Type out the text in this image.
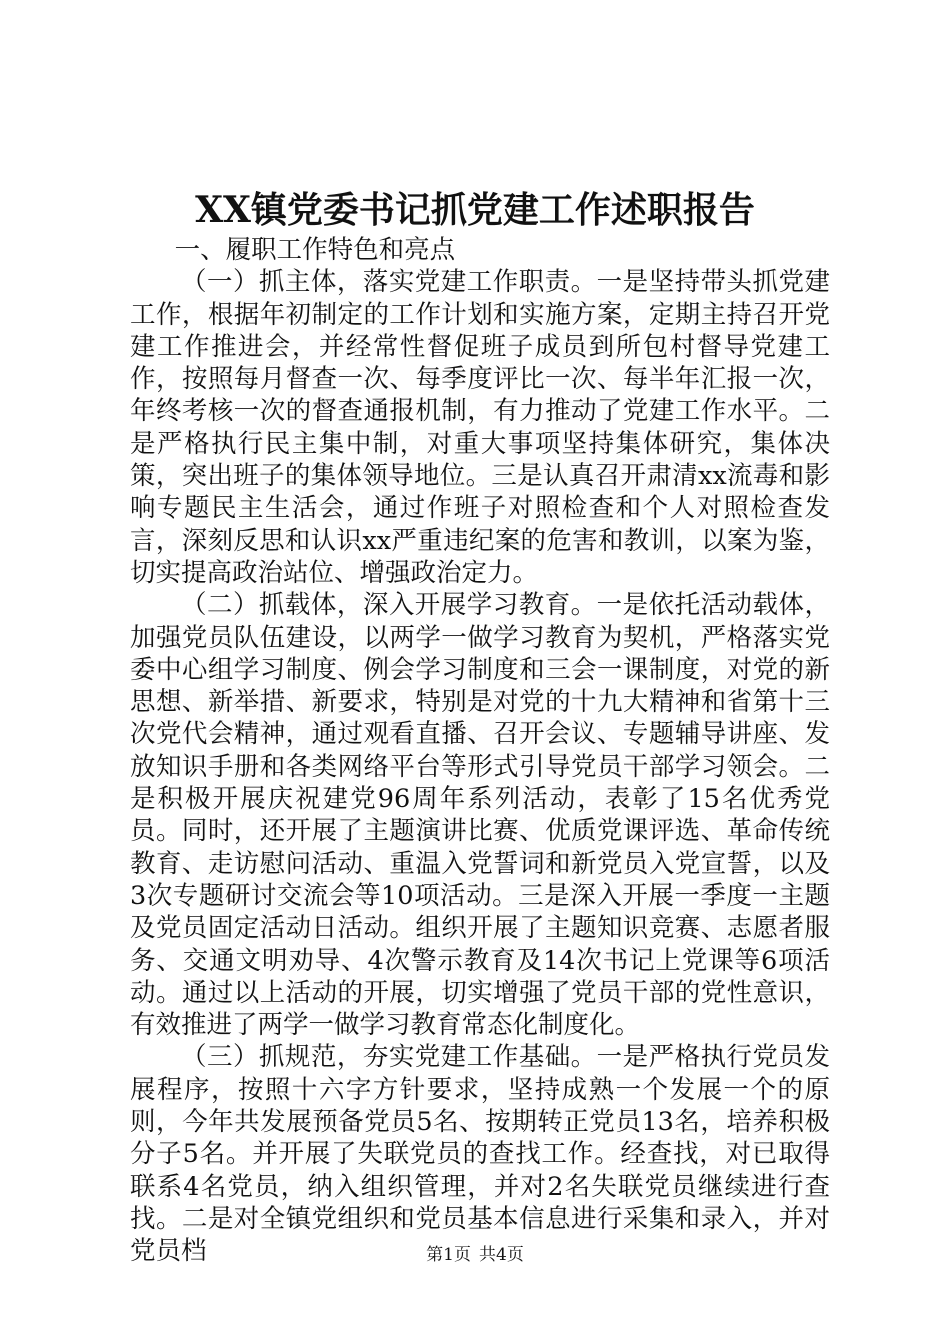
XX镇党委书记抓党建工作述职报告

一、履职工作特色和亮点

（一）抓主体，落实党建工作职责。一是坚持带头抓党建工作，根据年初制定的工作计划和实施方案，定期主持召开党建工作推进会，并经常性督促班子成员到所包村督导党建工作，按照每月督查一次、每季度评比一次、每半年汇报一次，年终考核一次的督查通报机制，有力推动了党建工作水平。二是严格执行民主集中制，对重大事项坚持集体研究，集体决策，突出班子的集体领导地位。三是认真召开肃清xx流毒和影响专题民主生活会，通过作班子对照检查和个人对照检查发言，深刻反思和认识xx严重违纪案的危害和教训，以案为鉴，切实提高政治站位、增强政治定力。

（二）抓载体，深入开展学习教育。一是依托活动载体，加强党员队伍建设，以两学一做学习教育为契机，严格落实党委中心组学习制度、例会学习制度和三会一课制度，对党的新思想、新举措、新要求，特别是对党的十九大精神和省第十三次党代会精神，通过观看直播、召开会议、专题辅导讲座、发放知识手册和各类网络平台等形式引导党员干部学习领会。二是积极开展庆祝建党96周年系列活动，表彰了15名优秀党员。同时，还开展了主题演讲比赛、优质党课评选、革命传统教育、走访慰问活动、重温入党誓词和新党员入党宣誓，以及3次专题研讨交流会等10项活动。三是深入开展一季度一主题及党员固定活动日活动。组织开展了主题知识竞赛、志愿者服务、交通文明劝导、4次警示教育及14次书记上党课等6项活动。通过以上活动的开展，切实增强了党员干部的党性意识，有效推进了两学一做学习教育常态化制度化。

（三）抓规范，夯实党建工作基础。一是严格执行党员发展程序，按照十六字方针要求，坚持成熟一个发展一个的原则，今年共发展预备党员5名、按期转正党员13名，培养积极分子5名。并开展了失联党员的查找工作。经查找，对已取得联系4名党员，纳入组织管理，并对2名失联党员继续进行查找。二是对全镇党组织和党员基本信息进行采集和录入，并对党员档	第1页 共4页
